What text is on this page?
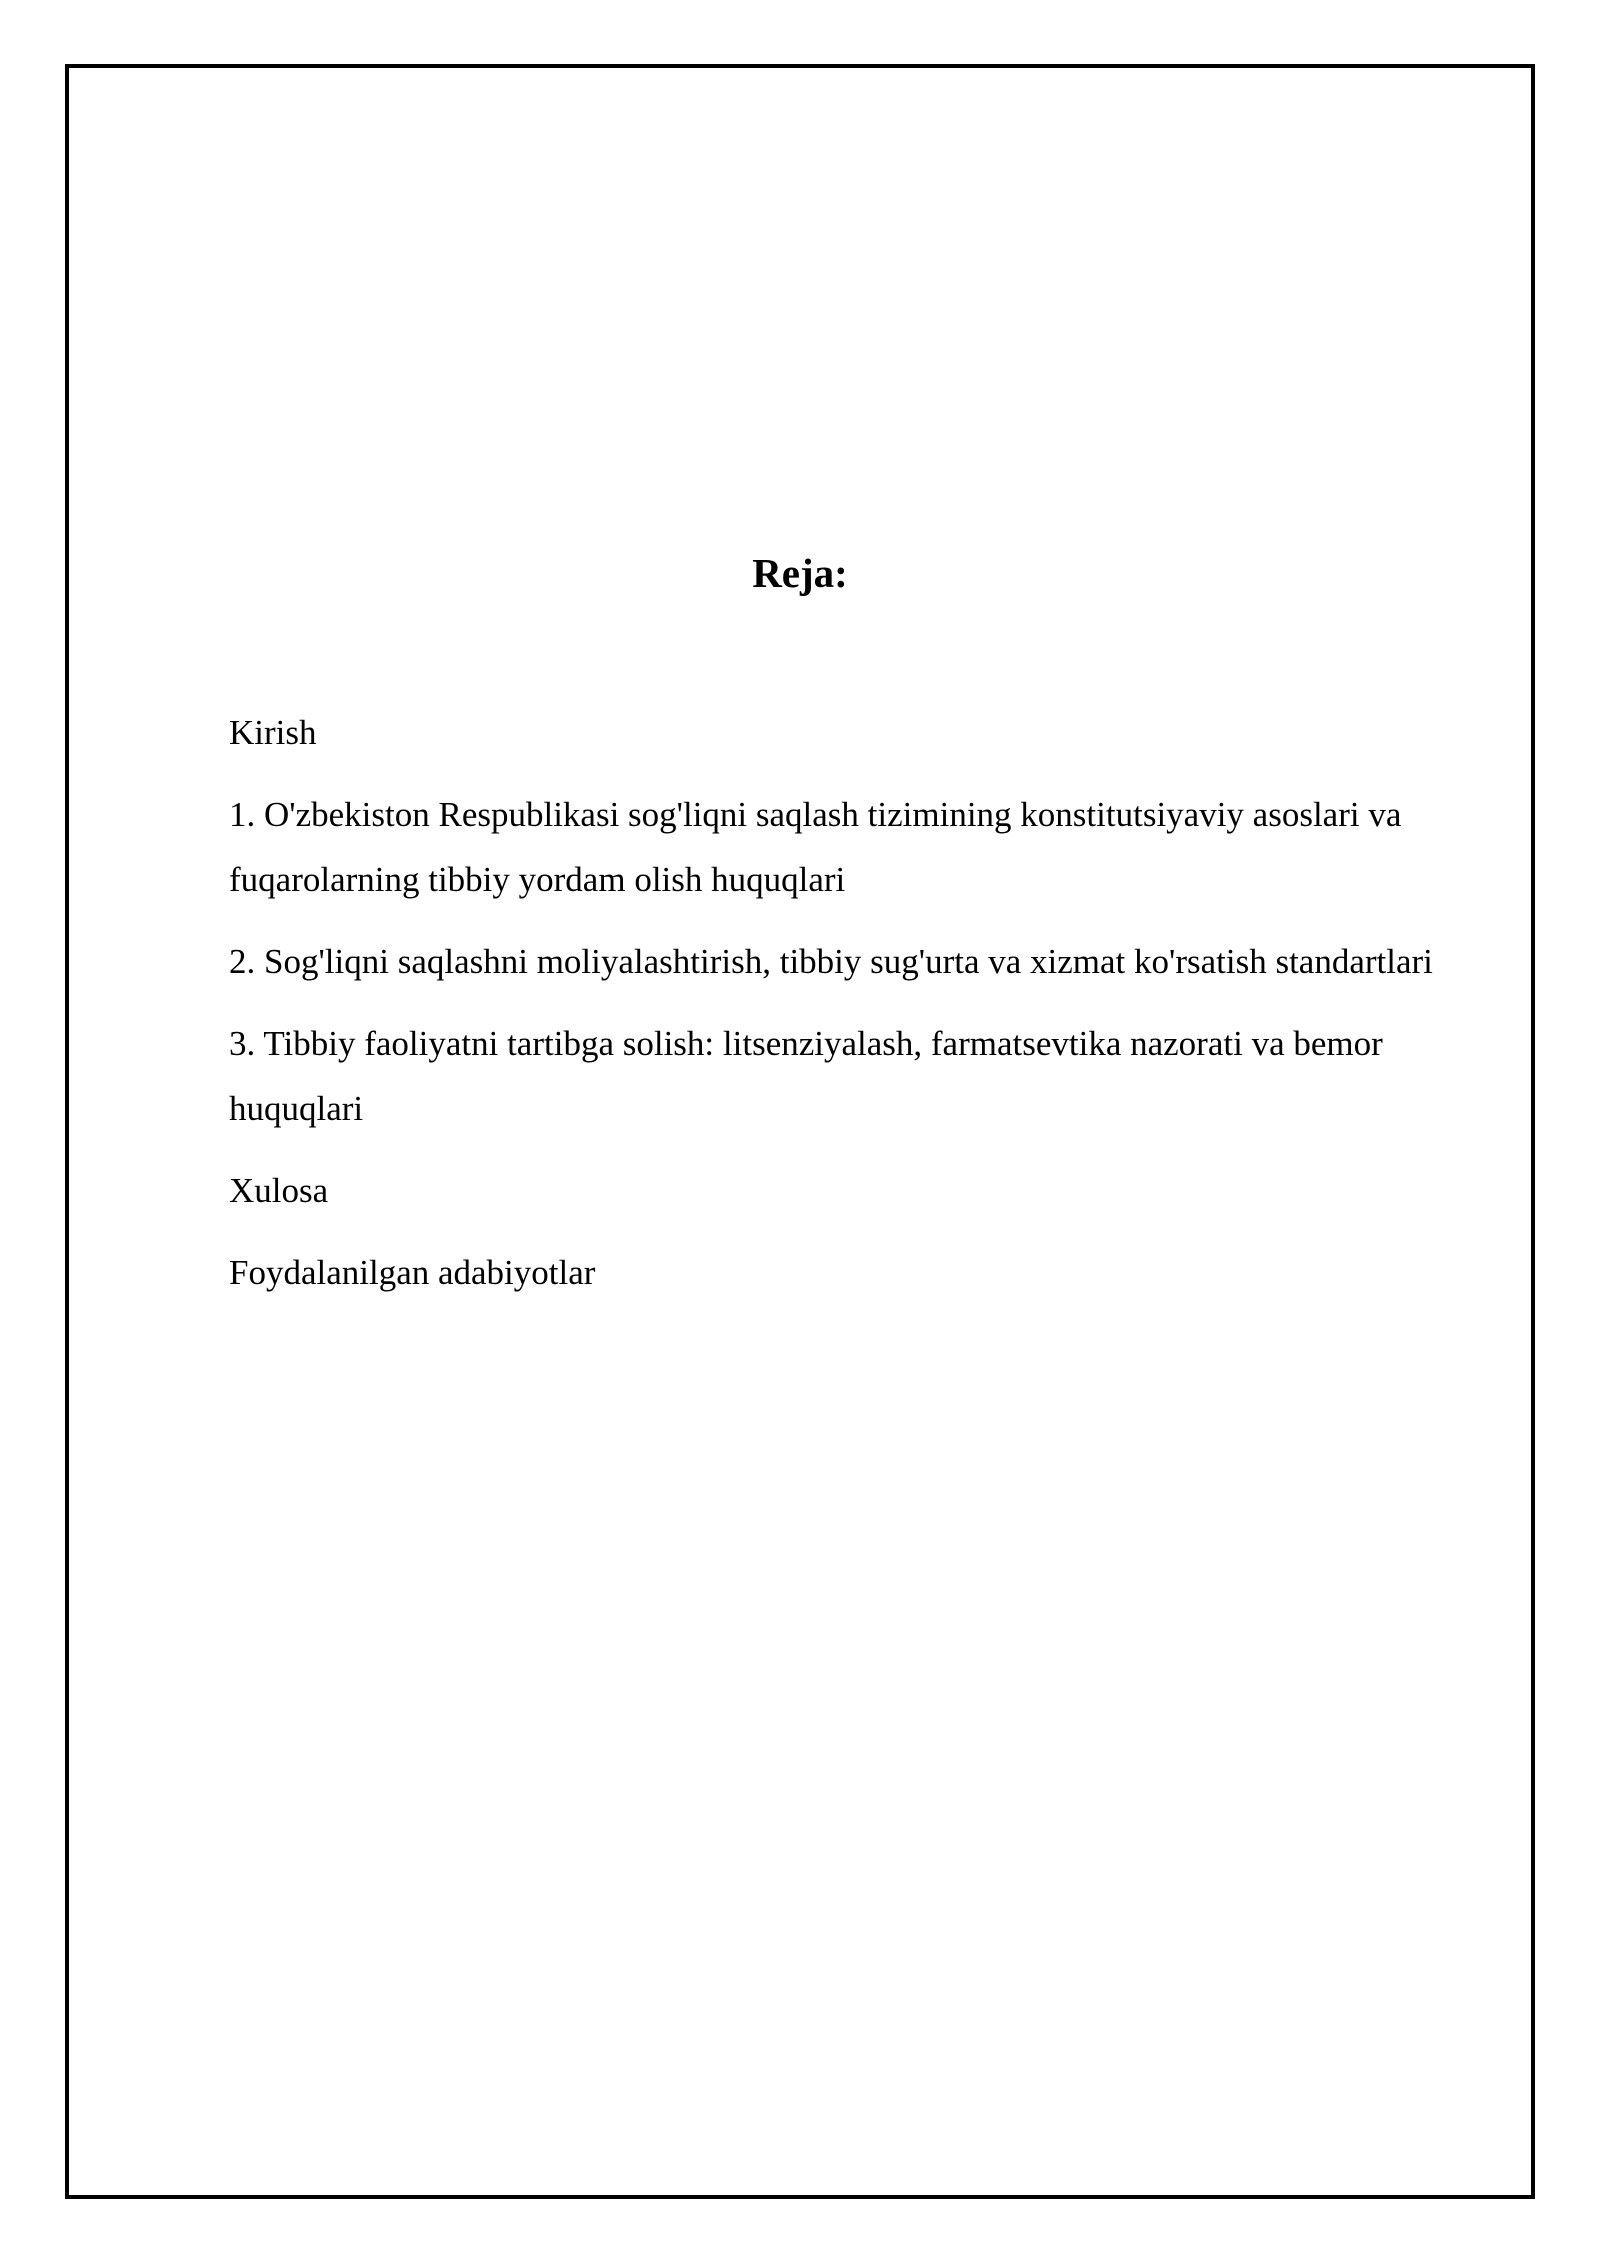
Reja:
Kirish
1. O'zbekiston Respublikasi sog'liqni saqlash tizimining konstitutsiyaviy asoslari va fuqarolarning tibbiy yordam olish huquqlari
2. Sog'liqni saqlashni moliyalashtirish, tibbiy sug'urta va xizmat ko'rsatish standartlari
3. Tibbiy faoliyatni tartibga solish: litsenziyalash, farmatsevtika nazorati va bemor huquqlari
Xulosa
Foydalanilgan adabiyotlar
